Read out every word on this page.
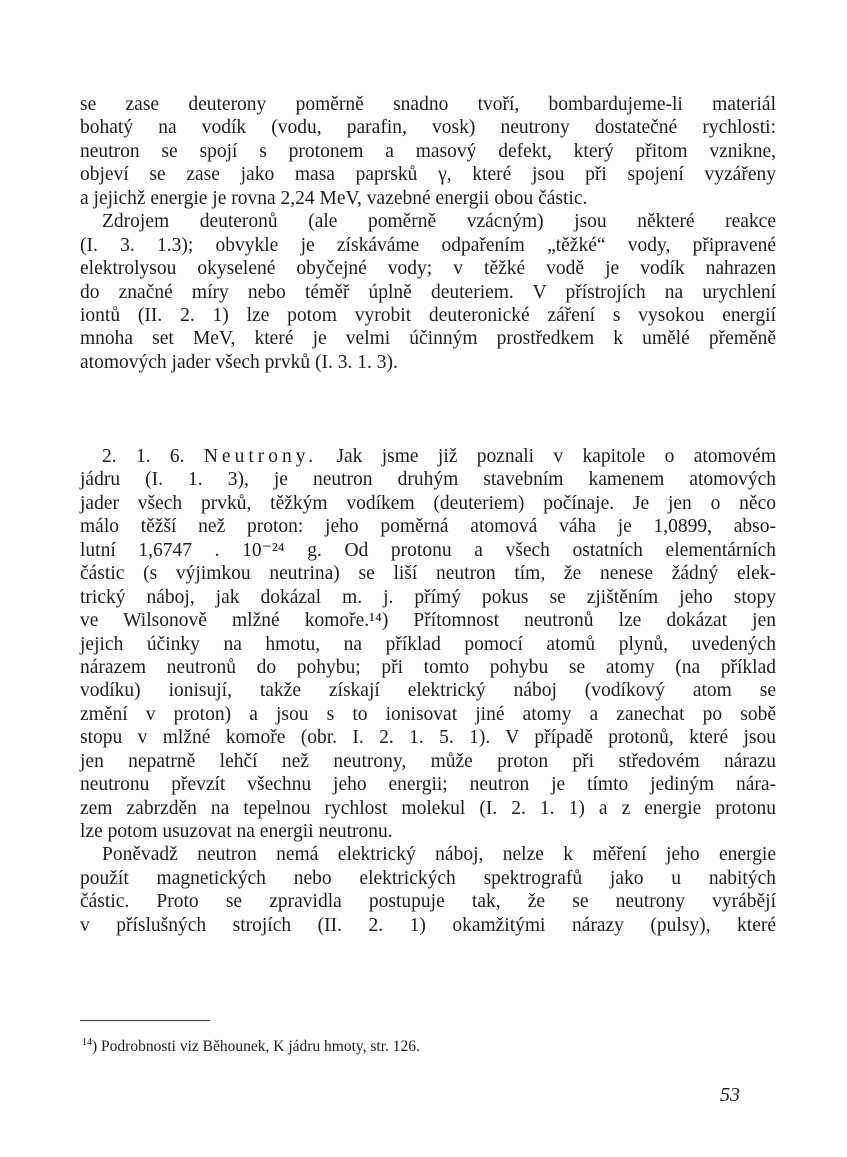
se zase deuterony poměrně snadno tvoří, bombardujeme-li materiál
bohatý na vodík (vodu, parafin, vosk) neutrony dostatečné rychlosti:
neutron se spojí s protonem a masový defekt, který přitom vznikne,
objeví se zase jako masa paprsků γ, které jsou při spojení vyzářeny
a jejichž energie je rovna 2,24 MeV, vazebné energii obou částic.
Zdrojem deuteronů (ale poměrně vzácným) jsou některé reakce
(I. 3. 1.3); obvykle je získáváme odpařením „těžké“ vody, připravené
elektrolysou okyselené obyčejné vody; v těžké vodě je vodík nahrazen
do značné míry nebo téměř úplně deuteriem. V přístrojích na urychlení
iontů (II. 2. 1) lze potom vyrobit deuteronické záření s vysokou energií
mnoha set MeV, které je velmi účinným prostředkem k umělé přeměně
atomových jader všech prvků (I. 3. 1. 3).
2. 1. 6. Neutrony. Jak jsme již poznali v kapitole o atomovém
jádru (I. 1. 3), je neutron druhým stavebním kamenem atomových
jader všech prvků, těžkým vodíkem (deuteriem) počínaje. Je jen o něco
málo těžší než proton: jeho poměrná atomová váha je 1,0899, abso-
lutní 1,6747 . 10⁻²⁴ g. Od protonu a všech ostatních elementárních
částic (s výjimkou neutrina) se liší neutron tím, že nenese žádný elek-
trický náboj, jak dokázal m. j. přímý pokus se zjištěním jeho stopy
ve Wilsonově mlžné komoře.¹⁴) Přítomnost neutronů lze dokázat jen
jejich účinky na hmotu, na příklad pomocí atomů plynů, uvedených
nárazem neutronů do pohybu; při tomto pohybu se atomy (na příklad
vodíku) ionisují, takže získají elektrický náboj (vodíkový atom se
změní v proton) a jsou s to ionisovat jiné atomy a zanechat po sobě
stopu v mlžné komoře (obr. I. 2. 1. 5. 1). V případě protonů, které jsou
jen nepatrně lehčí než neutrony, může proton při středovém nárazu
neutronu převzít všechnu jeho energii; neutron je tímto jediným nára-
zem zabrzděn na tepelnou rychlost molekul (I. 2. 1. 1) a z energie protonu
lze potom usuzovat na energii neutronu.
Poněvadž neutron nemá elektrický náboj, nelze k měření jeho energie
použít magnetických nebo elektrických spektrografů jako u nabitých
částic. Proto se zpravidla postupuje tak, že se neutrony vyrábějí
v příslušných strojích (II. 2. 1) okamžitými nárazy (pulsy), které
$^{14}$) Podrobnosti viz Běhounek, K jádru hmoty, str. 126.
53
